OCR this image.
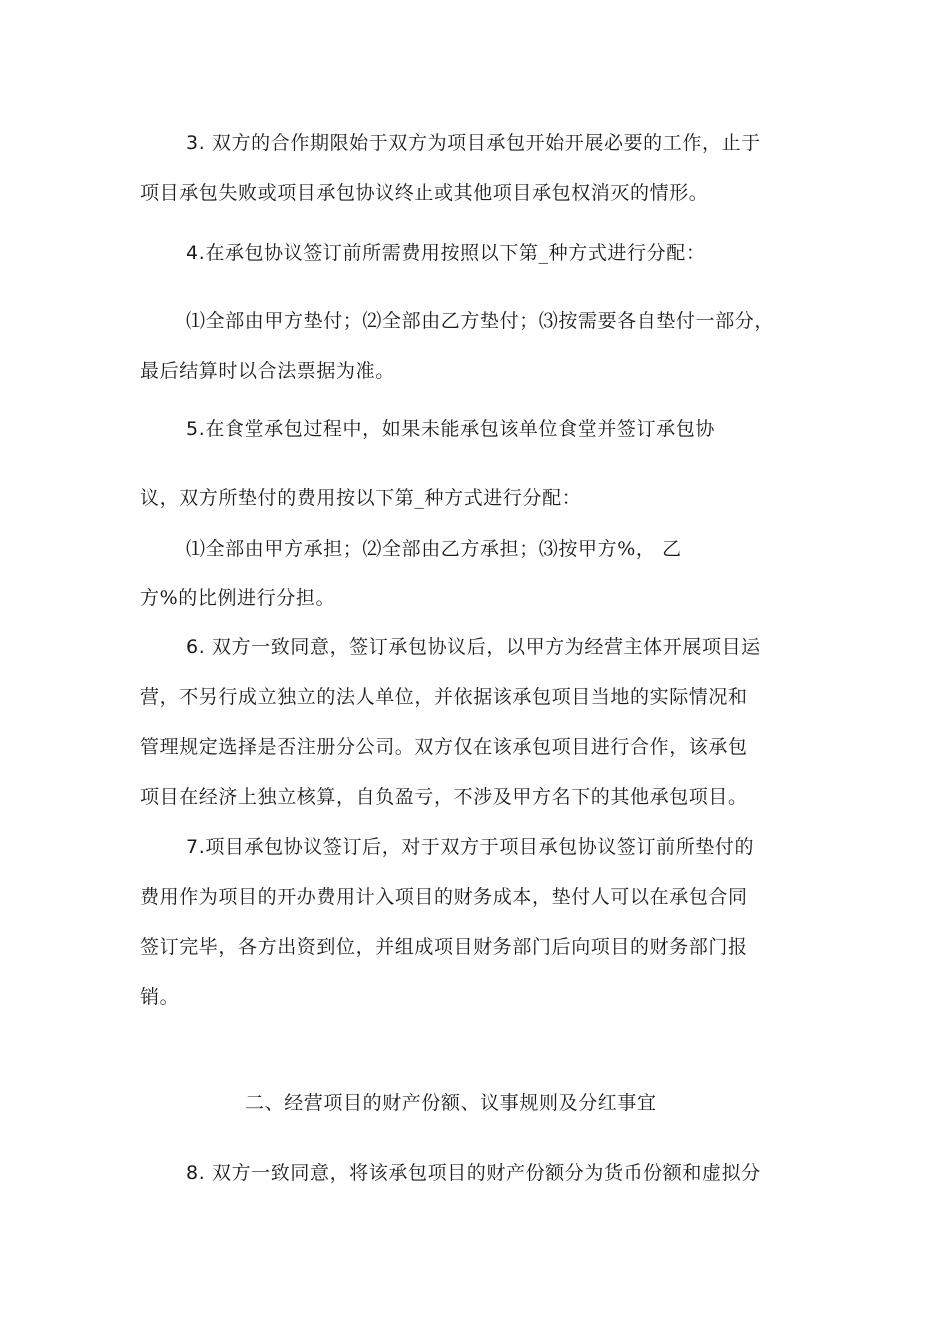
3. 双方的合作期限始于双方为项目承包开始开展必要的工作，止于
项目承包失败或项目承包协议终止或其他项目承包权消灭的情形。
4.在承包协议签订前所需费用按照以下第_种方式进行分配：
⑴全部由甲方垫付；⑵全部由乙方垫付；⑶按需要各自垫付一部分，
最后结算时以合法票据为准。
5.在食堂承包过程中，如果未能承包该单位食堂并签订承包协
议，双方所垫付的费用按以下第_种方式进行分配：
⑴全部由甲方承担；⑵全部由乙方承担；⑶按甲方%， 乙
方%的比例进行分担。
6. 双方一致同意，签订承包协议后，以甲方为经营主体开展项目运
营，不另行成立独立的法人单位，并依据该承包项目当地的实际情况和
管理规定选择是否注册分公司。双方仅在该承包项目进行合作，该承包
项目在经济上独立核算，自负盈亏，不涉及甲方名下的其他承包项目。
7.项目承包协议签订后，对于双方于项目承包协议签订前所垫付的
费用作为项目的开办费用计入项目的财务成本，垫付人可以在承包合同
签订完毕，各方出资到位，并组成项目财务部门后向项目的财务部门报
销。
二、经营项目的财产份额、议事规则及分红事宜
8. 双方一致同意，将该承包项目的财产份额分为货币份额和虚拟分
